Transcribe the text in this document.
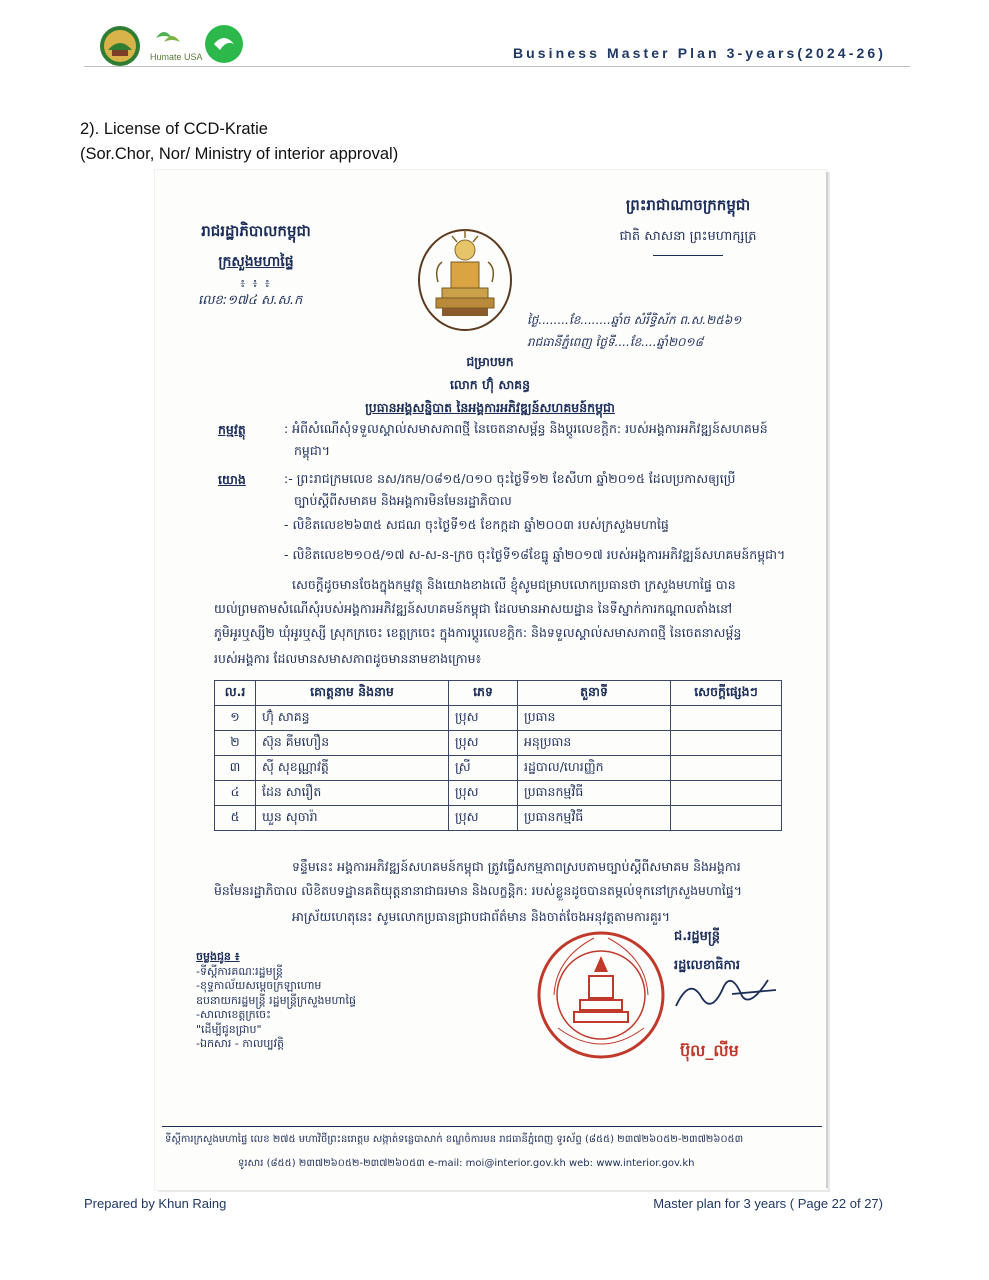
Humate USA	Business Master Plan 3-years(2024-26)
2). License of CCD-Kratie
(Sor.Chor, Nor/ Ministry of interior approval)
រាជរដ្ឋាភិបាលកម្ពុជា
ក្រសួងមហាផ្ទៃ
៖ ៖ ៖
លេខ:១៧៤ ស.ស.ក
ព្រះរាជាណាចក្រកម្ពុជា
ជាតិ សាសនា ព្រះមហាក្សត្រ
ថ្ងៃ........ខែ........ឆ្នាំច សំរឹទ្ធិស័ក ព.ស.២៥៦១
រាជធានីភ្នំពេញ ថ្ងៃទី....ខែ....ឆ្នាំ២០១៨
ជម្រាបមក
លោក ហ៊ុំ សាគន្ធ
ប្រធានអង្គសន្និបាត នៃអង្គការអភិវឌ្ឍន៍សហគមន៍កម្ពុជា
កម្មវត្ថុ	: អំពីសំណើសុំទទួលស្គាល់សមាសភាពថ្មី នៃចេតនាសម្ព័ន្ធ និងប្ដូរលេខក្តិក: របស់អង្គការអភិវឌ្ឍន៍សហគមន៍
កម្ពុជា។
យោង	:- ព្រះរាជក្រមលេខ នស/រកម/០៨១៥/០១០ ចុះថ្ងៃទី១២ ខែសីហា ឆ្នាំ២០១៥ ដែលប្រកាសឲ្យប្រើ
ច្បាប់ស្តីពីសមាគម និងអង្គការមិនមែនរដ្ឋាភិបាល
- លិខិតលេខ២៦៣៥ សជណ ចុះថ្ងៃទី១៥ ខែកក្កដា ឆ្នាំ២០០៣ របស់ក្រសួងមហាផ្ទៃ
- លិខិតលេខ២១០៥/១៧ ស-ស-ន-ក្រច ចុះថ្ងៃទី១៨ខែធ្នូ ឆ្នាំ២០១៧ របស់អង្គការអភិវឌ្ឍន៍សហគមន៍កម្ពុជា។
សេចក្តីដូចមានចែងក្នុងកម្មវត្ថុ និងយោងខាងលើ ខ្ញុំសូមជម្រាបលោកប្រធានថា ក្រសួងមហាផ្ទៃ បាន
យល់ព្រមតាមសំណើសុំរបស់អង្គការអភិវឌ្ឍន៍សហគមន៍កម្ពុជា ដែលមានអាសយដ្ឋាន នៃទីស្នាក់ការកណ្ដាលតាំងនៅ
ភូមិអូរឬស្សី២ ឃុំអូរឬស្សី ស្រុកក្រចេះ ខេត្តក្រចេះ ក្នុងការប្តូរលេខក្តិក: និងទទួលស្គាល់សមាសភាពថ្មី នៃចេតនាសម្ព័ន្ធ
របស់អង្គការ ដែលមានសមាសភាពដូចមាននាមខាងក្រោម៖
ល.រ	គោត្តនាម និងនាម	ភេទ	តួនាទី	សេចក្តីផ្សេងៗ
១	ហ៊ុំ សាគន្ធ	ប្រុស	ប្រធាន	
២	ស៊ុន គីមហឿន	ប្រុស	អនុប្រធាន	
៣	ស៊ី សុខណ្ណាវត្តី	ស្រី	រដ្ឋបាល/ហេរញ្ញិក	
៤	ដែន សារឿត	ប្រុស	ប្រធានកម្មវិធី	
៥	ឃួន សុចារ៉ា	ប្រុស	ប្រធានកម្មវិធី	
ទន្ទឹមនេះ អង្គការអភិវឌ្ឍន៍សហគមន៍កម្ពុជា ត្រូវធ្វើសកម្មភាពស្របតាមច្បាប់ស្តីពីសមាគម និងអង្គការ
មិនមែនរដ្ឋាភិបាល លិខិតបទដ្ឋានគតិយុត្តនានាជាធរមាន និងលក្ខន្តិក: របស់ខ្លួនដូចបានតម្កល់ទុកនៅក្រសួងមហាផ្ទៃ។
អាស្រ័យហេតុនេះ សូមលោកប្រធានជ្រាបជាព័ត៌មាន និងចាត់ចែងអនុវត្តតាមការគួរ។
ចម្លងជូន ៖
-ទីស្តីការគណៈរដ្ឋមន្ត្រី
-ខុទ្ទកាល័យសម្តេចក្រឡាហោម
ឧបនាយករដ្ឋមន្ត្រី រដ្ឋមន្ត្រីក្រសួងមហាផ្ទៃ
-សាលាខេត្តក្រចេះ
"ដើម្បីជូនជ្រាប"
-ឯកសារ - កាលប្បវត្តិ
ជ.រដ្ឋមន្ត្រី
រដ្ឋលេខាធិការ
ប៊ុល_លីម
ទីស្តីការក្រសួងមហាផ្ទៃ លេខ ២៧៥ មហាវិថីព្រះនរោត្តម សង្កាត់ទន្លេបាសាក់ ខណ្ឌចំការមន រាជធានីភ្នំពេញ ទូរស័ព្ទ (៨៥៥) ២៣៧២៦០៥២-២៣៧២៦០៥៣
ទូរសារ (៨៥៥) ២៣៧២៦០៥២-២៣៧២៦០៥៣ e-mail: moi@interior.gov.kh web: www.interior.gov.kh
Prepared by Khun Raing	Master plan for 3 years ( Page 22 of 27)
